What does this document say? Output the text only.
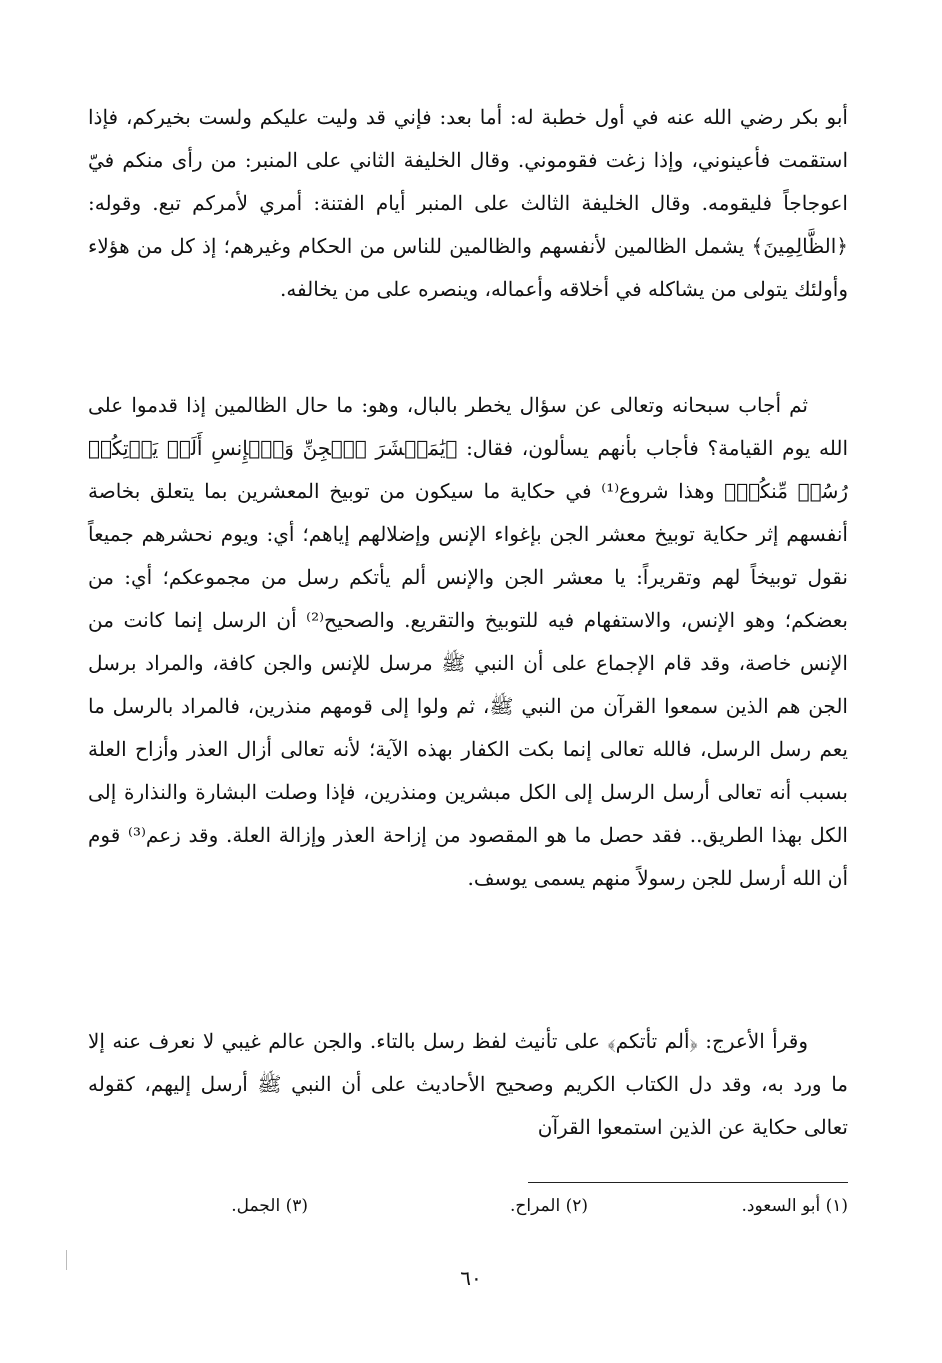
أبو بكر رضي الله عنه في أول خطبة له: أما بعد: فإني قد وليت عليكم ولست بخيركم، فإذا استقمت فأعينوني، وإذا زغت فقوموني. وقال الخليفة الثاني على المنبر: من رأى منكم فيّ اعوجاجاً فليقومه. وقال الخليفة الثالث على المنبر أيام الفتنة: أمري لأمركم تبع. وقوله: ﴿الظَّالِمِينَ﴾ يشمل الظالمين لأنفسهم والظالمين للناس من الحكام وغيرهم؛ إذ كل من هؤلاء وأولئك يتولى من يشاكله في أخلاقه وأعماله، وينصره على من يخالفه.

ثم أجاب سبحانه وتعالى عن سؤال يخطر بالبال، وهو: ما حال الظالمين إذا قدموا على الله يوم القيامة؟ فأجاب بأنهم يسألون، فقال: ﴿يَٰمَعۡشَرَ ٱلۡجِنِّ وَٱلۡإِنسِ أَلَمۡ يَأۡتِكُمۡ رُسُلٞ مِّنكُمۡ﴾ وهذا شروع⁽¹⁾ في حكاية ما سيكون من توبيخ المعشرين بما يتعلق بخاصة أنفسهم إثر حكاية توبيخ معشر الجن بإغواء الإنس وإضلالهم إياهم؛ أي: ويوم نحشرهم جميعاً نقول توبيخاً لهم وتقريراً: يا معشر الجن والإنس ألم يأتكم رسل من مجموعكم؛ أي: من بعضكم؛ وهو الإنس، والاستفهام فيه للتوبيخ والتقريع. والصحيح⁽²⁾ أن الرسل إنما كانت من الإنس خاصة، وقد قام الإجماع على أن النبي ﷺ مرسل للإنس والجن كافة، والمراد برسل الجن هم الذين سمعوا القرآن من النبي ﷺ، ثم ولوا إلى قومهم منذرين، فالمراد بالرسل ما يعم رسل الرسل، فالله تعالى إنما بكت الكفار بهذه الآية؛ لأنه تعالى أزال العذر وأزاح العلة بسبب أنه تعالى أرسل الرسل إلى الكل مبشرين ومنذرين، فإذا وصلت البشارة والنذارة إلى الكل بهذا الطريق.. فقد حصل ما هو المقصود من إزاحة العذر وإزالة العلة. وقد زعم⁽³⁾ قوم أن الله أرسل للجن رسولاً منهم يسمى يوسف.

وقرأ الأعرج: ﴿ألم تأتكم﴾ على تأنيث لفظ رسل بالتاء. والجن عالم غيبي لا نعرف عنه إلا ما ورد به، وقد دل الكتاب الكريم وصحيح الأحاديث على أن النبي ﷺ أرسل إليهم، كقوله تعالى حكاية عن الذين استمعوا القرآن

(١) أبو السعود.
(٢) المراح.
(٣) الجمل.
٦٠
